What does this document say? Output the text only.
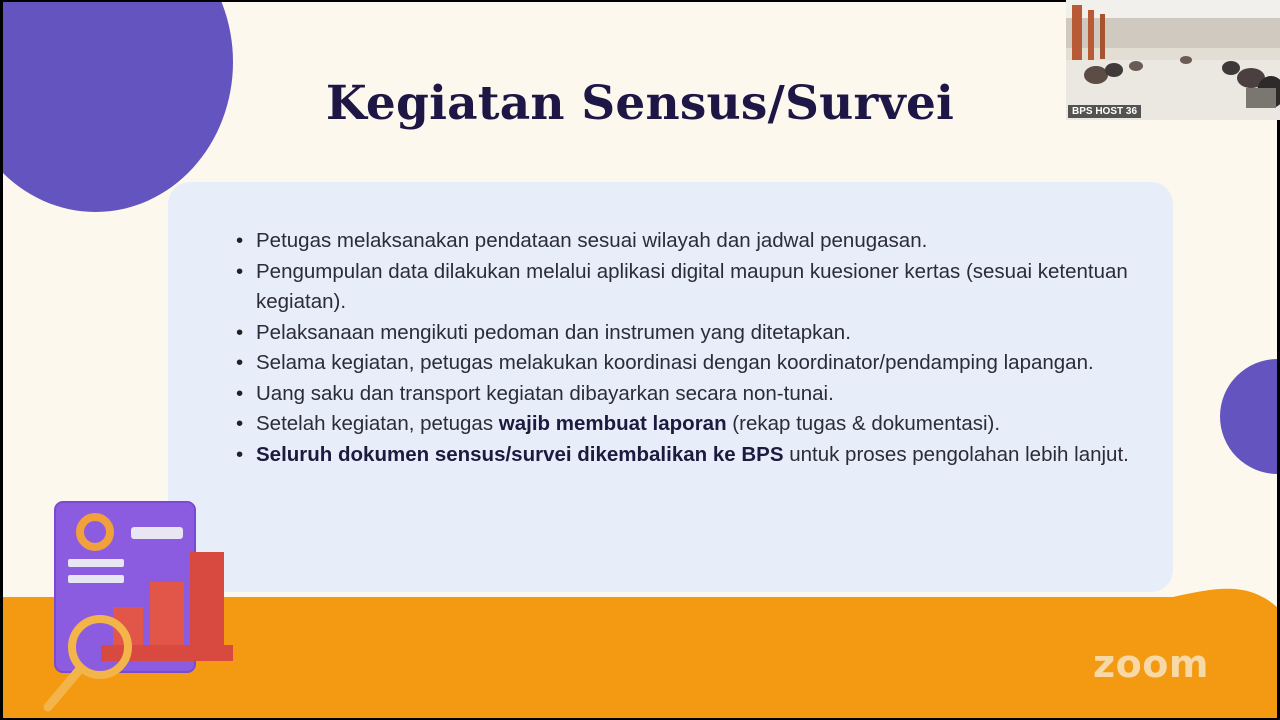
Kegiatan Sensus/Survei
• Petugas melaksanakan pendataan sesuai wilayah dan jadwal penugasan.
• Pengumpulan data dilakukan melalui aplikasi digital maupun kuesioner kertas (sesuai ketentuan kegiatan).
• Pelaksanaan mengikuti pedoman dan instrumen yang ditetapkan.
• Selama kegiatan, petugas melakukan koordinasi dengan koordinator/pendamping lapangan.
• Uang saku dan transport kegiatan dibayarkan secara non-tunai.
• Setelah kegiatan, petugas wajib membuat laporan (rekap tugas & dokumentasi).
• Seluruh dokumen sensus/survei dikembalikan ke BPS untuk proses pengolahan lebih lanjut.
zoom
BPS HOST 36
